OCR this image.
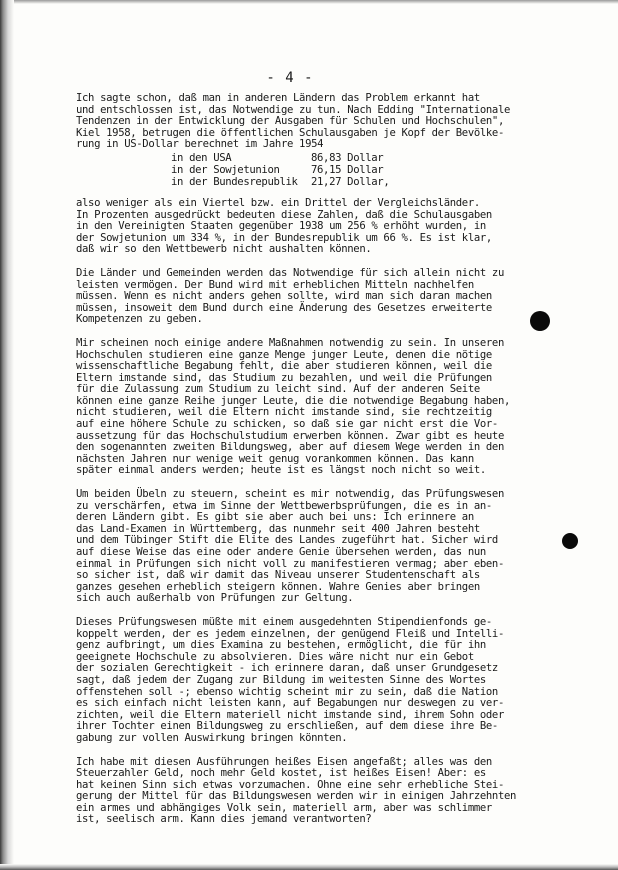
- 4 -
Ich sagte schon, daß man in anderen Ländern das Problem erkannt hat
und entschlossen ist, das Notwendige zu tun. Nach Edding "Internationale
Tendenzen in der Entwicklung der Ausgaben für Schulen und Hochschulen",
Kiel 1958, betrugen die öffentlichen Schulausgaben je Kopf der Bevölke-
rung in US-Dollar berechnet im Jahre 1954
in den USA	86,83 Dollar
in der Sowjetunion	76,15 Dollar
in der Bundesrepublik	21,27 Dollar,
also weniger als ein Viertel bzw. ein Drittel der Vergleichsländer.
In Prozenten ausgedrückt bedeuten diese Zahlen, daß die Schulausgaben
in den Vereinigten Staaten gegenüber 1938 um 256 % erhöht wurden, in
der Sowjetunion um 334 %, in der Bundesrepublik um 66 %. Es ist klar,
daß wir so den Wettbewerb nicht aushalten können.
Die Länder und Gemeinden werden das Notwendige für sich allein nicht zu
leisten vermögen. Der Bund wird mit erheblichen Mitteln nachhelfen
müssen. Wenn es nicht anders gehen sollte, wird man sich daran machen
müssen, insoweit dem Bund durch eine Änderung des Gesetzes erweiterte
Kompetenzen zu geben.
Mir scheinen noch einige andere Maßnahmen notwendig zu sein. In unseren
Hochschulen studieren eine ganze Menge junger Leute, denen die nötige
wissenschaftliche Begabung fehlt, die aber studieren können, weil die
Eltern imstande sind, das Studium zu bezahlen, und weil die Prüfungen
für die Zulassung zum Studium zu leicht sind. Auf der anderen Seite
können eine ganze Reihe junger Leute, die die notwendige Begabung haben,
nicht studieren, weil die Eltern nicht imstande sind, sie rechtzeitig
auf eine höhere Schule zu schicken, so daß sie gar nicht erst die Vor-
aussetzung für das Hochschulstudium erwerben können. Zwar gibt es heute
den sogenannten zweiten Bildungsweg, aber auf diesem Wege werden in den
nächsten Jahren nur wenige weit genug vorankommen können. Das kann
später einmal anders werden; heute ist es längst noch nicht so weit.
Um beiden Übeln zu steuern, scheint es mir notwendig, das Prüfungswesen
zu verschärfen, etwa im Sinne der Wettbewerbsprüfungen, die es in an-
deren Ländern gibt. Es gibt sie aber auch bei uns: Ich erinnere an
das Land-Examen in Württemberg, das nunmehr seit 400 Jahren besteht
und dem Tübinger Stift die Elite des Landes zugeführt hat. Sicher wird
auf diese Weise das eine oder andere Genie übersehen werden, das nun
einmal in Prüfungen sich nicht voll zu manifestieren vermag; aber eben-
so sicher ist, daß wir damit das Niveau unserer Studentenschaft als
ganzes gesehen erheblich steigern können. Wahre Genies aber bringen
sich auch außerhalb von Prüfungen zur Geltung.
Dieses Prüfungswesen müßte mit einem ausgedehnten Stipendienfonds ge-
koppelt werden, der es jedem einzelnen, der genügend Fleiß und Intelli-
genz aufbringt, um dies Examina zu bestehen, ermöglicht, die für ihn
geeignete Hochschule zu absolvieren. Dies wäre nicht nur ein Gebot
der sozialen Gerechtigkeit - ich erinnere daran, daß unser Grundgesetz
sagt, daß jedem der Zugang zur Bildung im weitesten Sinne des Wortes
offenstehen soll -; ebenso wichtig scheint mir zu sein, daß die Nation
es sich einfach nicht leisten kann, auf Begabungen nur deswegen zu ver-
zichten, weil die Eltern materiell nicht imstande sind, ihrem Sohn oder
ihrer Tochter einen Bildungsweg zu erschließen, auf dem diese ihre Be-
gabung zur vollen Auswirkung bringen könnten.
Ich habe mit diesen Ausführungen heißes Eisen angefaßt; alles was den
Steuerzahler Geld, noch mehr Geld kostet, ist heißes Eisen! Aber: es
hat keinen Sinn sich etwas vorzumachen. Ohne eine sehr erhebliche Stei-
gerung der Mittel für das Bildungswesen werden wir in einigen Jahrzehnten
ein armes und abhängiges Volk sein, materiell arm, aber was schlimmer
ist, seelisch arm. Kann dies jemand verantworten?
